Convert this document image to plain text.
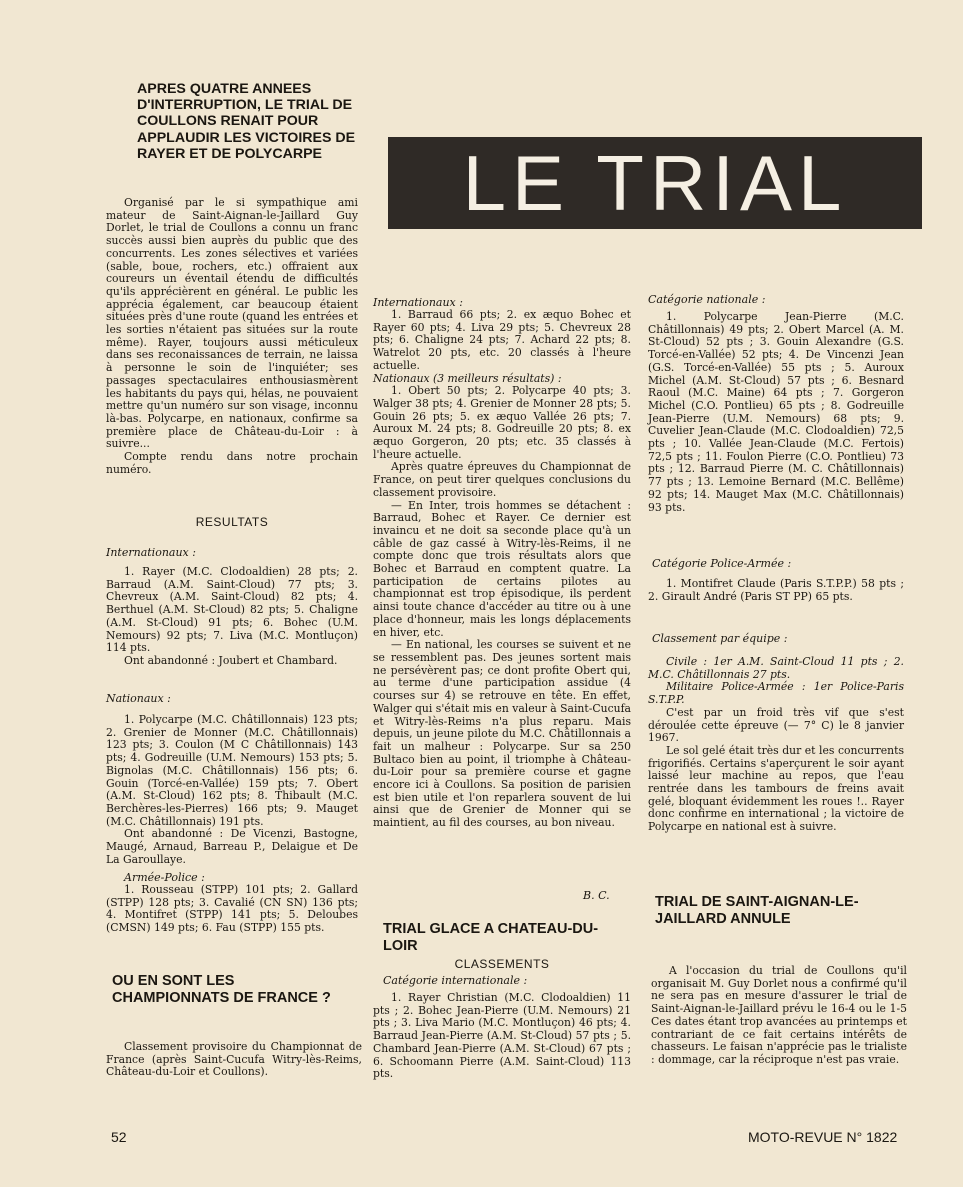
APRES QUATRE ANNEES D'INTERRUPTION, LE TRIAL DE COULLONS RENAIT POUR APPLAUDIR LES VICTOIRES DE RAYER ET DE POLYCARPE	LE TRIAL

Organisé par le si sympathique ami mateur de Saint-Aignan-le-Jaillard Guy Dorlet, le trial de Coullons a connu un franc succès aussi bien auprès du public que des concurrents. Les zones sélectives et variées (sable, boue, rochers, etc.) offraient aux coureurs un éventail étendu de difficultés qu'ils apprécièrent en général. Le public les apprécia également, car beaucoup étaient situées près d'une route (quand les entrées et les sorties n'étaient pas situées sur la route même). Rayer, toujours aussi méticuleux dans ses reconaissances de terrain, ne laissa à personne le soin de l'inquiéter; ses passages spectaculaires enthousiasmèrent les habitants du pays qui, hélas, ne pouvaient mettre qu'un numéro sur son visage, inconnu là-bas. Polycarpe, en nationaux, confirme sa première place de Château-du-Loir : à suivre...

Compte rendu dans notre prochain numéro.

RESULTATS
Internationaux :

1. Rayer (M.C. Clodoaldien) 28 pts; 2. Barraud (A.M. Saint-Cloud) 77 pts; 3. Chevreux (A.M. Saint-Cloud) 82 pts; 4. Berthuel (A.M. St-Cloud) 82 pts; 5. Chaligne (A.M. St-Cloud) 91 pts; 6. Bohec (U.M. Nemours) 92 pts; 7. Liva (M.C. Montluçon) 114 pts.

Ont abandonné : Joubert et Chambard.

Nationaux :

1. Polycarpe (M.C. Châtillonnais) 123 pts; 2. Grenier de Monner (M.C. Châtillonnais) 123 pts; 3. Coulon (M C Châtillonnais) 143 pts; 4. Godreuille (U.M. Nemours) 153 pts; 5. Bignolas (M.C. Châtillonnais) 156 pts; 6. Gouin (Torcé-en-Vallée) 159 pts; 7. Obert (A.M. St-Cloud) 162 pts; 8. Thibault (M.C. Berchères-les-Pierres) 166 pts; 9. Mauget (M.C. Châtillonnais) 191 pts.

Ont abandonné : De Vicenzi, Bastogne, Maugé, Arnaud, Barreau P., Delaigue et De La Garoullaye.

Armée-Police :

1. Rousseau (STPP) 101 pts; 2. Gallard (STPP) 128 pts; 3. Cavalié (CN SN) 136 pts; 4. Montifret (STPP) 141 pts; 5. Deloubes (CMSN) 149 pts; 6. Fau (STPP) 155 pts.

OU EN SONT LES CHAMPIONNATS DE FRANCE ?

Classement provisoire du Championnat de France (après Saint-Cucufa Witry-lès-Reims, Château-du-Loir et Coullons).

Internationaux :

1. Barraud 66 pts; 2. ex æquo Bohec et Rayer 60 pts; 4. Liva 29 pts; 5. Chevreux 28 pts; 6. Chaligne 24 pts; 7. Achard 22 pts; 8. Watrelot 20 pts, etc. 20 classés à l'heure actuelle.

Nationaux (3 meilleurs résultats) :

1. Obert 50 pts; 2. Polycarpe 40 pts; 3. Walger 38 pts; 4. Grenier de Monner 28 pts; 5. Gouin 26 pts; 5. ex æquo Vallée 26 pts; 7. Auroux M. 24 pts; 8. Godreuille 20 pts; 8. ex æquo Gorgeron, 20 pts; etc. 35 classés à l'heure actuelle.

Après quatre épreuves du Championnat de France, on peut tirer quelques conclusions du classement provisoire.

— En Inter, trois hommes se détachent : Barraud, Bohec et Rayer. Ce dernier est invaincu et ne doit sa seconde place qu'à un câble de gaz cassé à Witry-lès-Reims, il ne compte donc que trois résultats alors que Bohec et Barraud en comptent quatre. La participation de certains pilotes au championnat est trop épisodique, ils perdent ainsi toute chance d'accéder au titre ou à une place d'honneur, mais les longs déplacements en hiver, etc.

— En national, les courses se suivent et ne se ressemblent pas. Des jeunes sortent mais ne persévèrent pas; ce dont profite Obert qui, au terme d'une participation assidue (4 courses sur 4) se retrouve en tête. En effet, Walger qui s'était mis en valeur à Saint-Cucufa et Witry-lès-Reims n'a plus reparu. Mais depuis, un jeune pilote du M.C. Châtillonnais a fait un malheur : Polycarpe. Sur sa 250 Bultaco bien au point, il triomphe à Château-du-Loir pour sa première course et gagne encore ici à Coullons. Sa position de parisien est bien utile et l'on reparlera souvent de lui ainsi que de Grenier de Monner qui se maintient, au fil des courses, au bon niveau.

B. C.
TRIAL GLACE A CHATEAU-DU-LOIR
CLASSEMENTS
Catégorie internationale :

1. Rayer Christian (M.C. Clodoaldien) 11 pts ; 2. Bohec Jean-Pierre (U.M. Nemours) 21 pts ; 3. Liva Mario (M.C. Montluçon) 46 pts; 4. Barraud Jean-Pierre (A.M. St-Cloud) 57 pts ; 5. Chambard Jean-Pierre (A.M. St-Cloud) 67 pts ; 6. Schoomann Pierre (A.M. Saint-Cloud) 113 pts.

Catégorie nationale :

1. Polycarpe Jean-Pierre (M.C. Châtillonnais) 49 pts; 2. Obert Marcel (A. M. St-Cloud) 52 pts ; 3. Gouin Alexandre (G.S. Torcé-en-Vallée) 52 pts; 4. De Vincenzi Jean (G.S. Torcé-en-Vallée) 55 pts ; 5. Auroux Michel (A.M. St-Cloud) 57 pts ; 6. Besnard Raoul (M.C. Maine) 64 pts ; 7. Gorgeron Michel (C.O. Pontlieu) 65 pts ; 8. Godreuille Jean-Pierre (U.M. Nemours) 68 pts; 9. Cuvelier Jean-Claude (M.C. Clodoaldien) 72,5 pts ; 10. Vallée Jean-Claude (M.C. Fertois) 72,5 pts ; 11. Foulon Pierre (C.O. Pontlieu) 73 pts ; 12. Barraud Pierre (M. C. Châtillonnais) 77 pts ; 13. Lemoine Bernard (M.C. Bellême) 92 pts; 14. Mauget Max (M.C. Châtillonnais) 93 pts.

Catégorie Police-Armée :

1. Montifret Claude (Paris S.T.P.P.) 58 pts ; 2. Girault André (Paris ST PP) 65 pts.

Classement par équipe :

Civile : 1er A.M. Saint-Cloud 11 pts ; 2. M.C. Châtillonnais 27 pts.

Militaire Police-Armée : 1er Police-Paris S.T.P.P.

C'est par un froid très vif que s'est déroulée cette épreuve (— 7° C) le 8 janvier 1967.

Le sol gelé était très dur et les concurrents frigorifiés. Certains s'aperçurent le soir ayant laissé leur machine au repos, que l'eau rentrée dans les tambours de freins avait gelé, bloquant évidemment les roues !.. Rayer donc confirme en international ; la victoire de Polycarpe en national est à suivre.

TRIAL DE SAINT-AIGNAN-LE-JAILLARD ANNULE

A l'occasion du trial de Coullons qu'il organisait M. Guy Dorlet nous a confirmé qu'il ne sera pas en mesure d'assurer le trial de Saint-Aignan-le-Jaillard prévu le 16-4 ou le 1-5 Ces dates étant trop avancées au printemps et contrariant de ce fait certains intérêts de chasseurs. Le faisan n'apprécie pas le trialiste : dommage, car la réciproque n'est pas vraie.

52	MOTO-REVUE N° 1822
